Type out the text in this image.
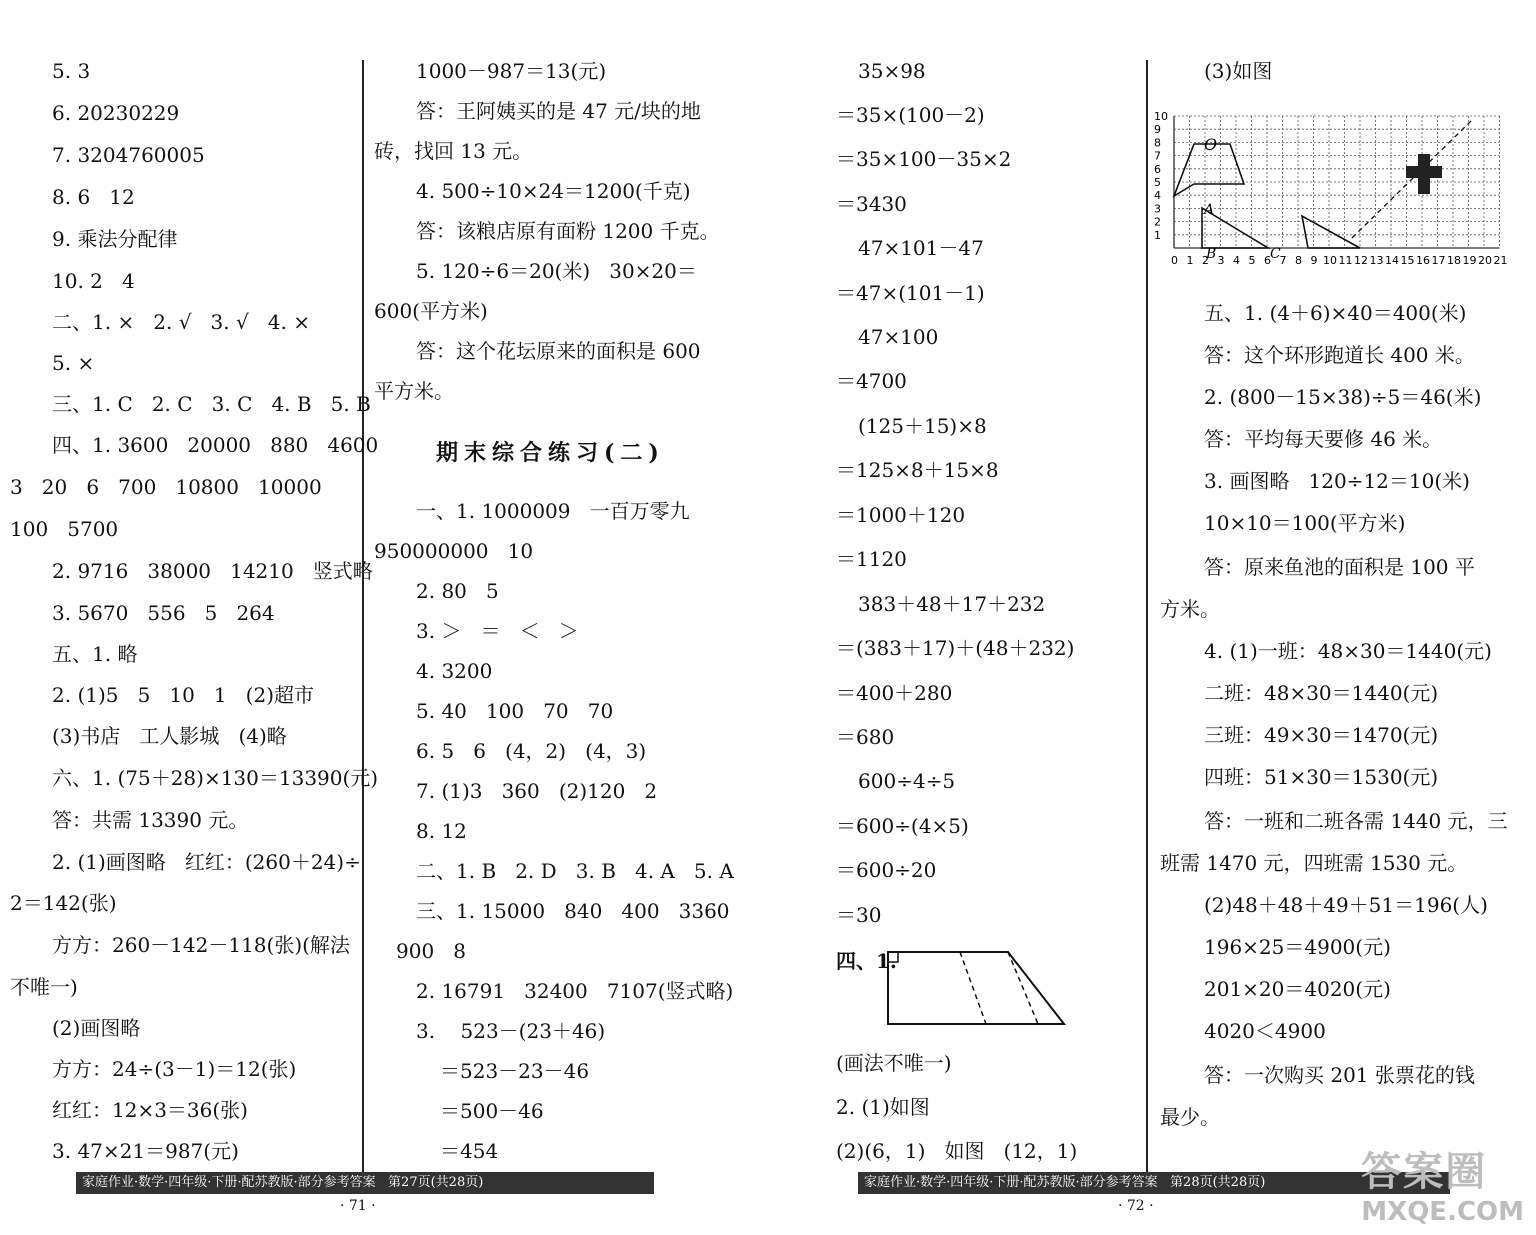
5. 3
6. 20230229
7. 3204760005
8. 6   12
9. 乘法分配律
10. 2   4
二、1. ×   2. √   3. √   4. ×
5. ×
三、1. C   2. C   3. C   4. B   5. B
四、1. 3600   20000   880   4600
3   20   6   700   10800   10000
100   5700
2. 9716   38000   14210   竖式略
3. 5670   556   5   264
五、1. 略
2. (1)5   5   10   1   (2)超市
(3)书店   工人影城   (4)略
六、1. (75＋28)×130＝13390(元)
答：共需 13390 元。
2. (1)画图略   红红：(260＋24)÷
2＝142(张)
方方：260－142－118(张)(解法
不唯一)
(2)画图略
方方：24÷(3－1)＝12(张)
红红：12×3＝36(张)
3. 47×21＝987(元)
1000－987＝13(元)
答：王阿姨买的是 47 元/块的地
砖，找回 13 元。
4. 500÷10×24＝1200(千克)
答：该粮店原有面粉 1200 千克。
5. 120÷6＝20(米)   30×20＝
600(平方米)
答：这个花坛原来的面积是 600
平方米。
期末综合练习(二)
一、1. 1000009   一百万零九
950000000   10
2. 80   5
3. ＞   ＝   ＜   ＞
4. 3200
5. 40   100   70   70
6. 5   6   (4，2)   (4，3)
7. (1)3   360   (2)120   2
8. 12
二、1. B   2. D   3. B   4. A   5. A
三、1. 15000   840   400   3360
900   8
2. 16791   32400   7107(竖式略)
3.    523－(23＋46)
＝523－23－46
＝500－46
＝454
35×98
＝35×(100－2)
＝35×100－35×2
＝3430
47×101－47
＝47×(101－1)
47×100
＝4700
(125＋15)×8
＝125×8＋15×8
＝1000＋120
＝1120
383＋48＋17＋232
＝(383＋17)＋(48＋232)
＝400＋280
＝680
600÷4÷5
＝600÷(4×5)
＝600÷20
＝30
四、1.
(画法不唯一)
2. (1)如图
(2)(6，1)   如图   (12，1)
(3)如图
10
9
8
7
6
5
4
3
2
1
0 1 2 3 4 5 6 7 8 9 10 11 12 13 14 15 16 17 18 19 20 21
O
A
B	C
五、1. (4＋6)×40＝400(米)
答：这个环形跑道长 400 米。
2. (800－15×38)÷5＝46(米)
答：平均每天要修 46 米。
3. 画图略   120÷12＝10(米)
10×10＝100(平方米)
答：原来鱼池的面积是 100 平
方米。
4. (1)一班：48×30＝1440(元)
二班：48×30＝1440(元)
三班：49×30＝1470(元)
四班：51×30＝1530(元)
答：一班和二班各需 1440 元，三
班需 1470 元，四班需 1530 元。
(2)48＋48＋49＋51＝196(人)
196×25＝4900(元)
201×20＝4020(元)
4020＜4900
答：一次购买 201 张票花的钱
最少。
家庭作业·数学·四年级·下册·配苏教版·部分参考答案   第27页(共28页)	家庭作业·数学·四年级·下册·配苏教版·部分参考答案   第28页(共28页)
· 71 ·	· 72 ·
答案圈
MXQE.COM
